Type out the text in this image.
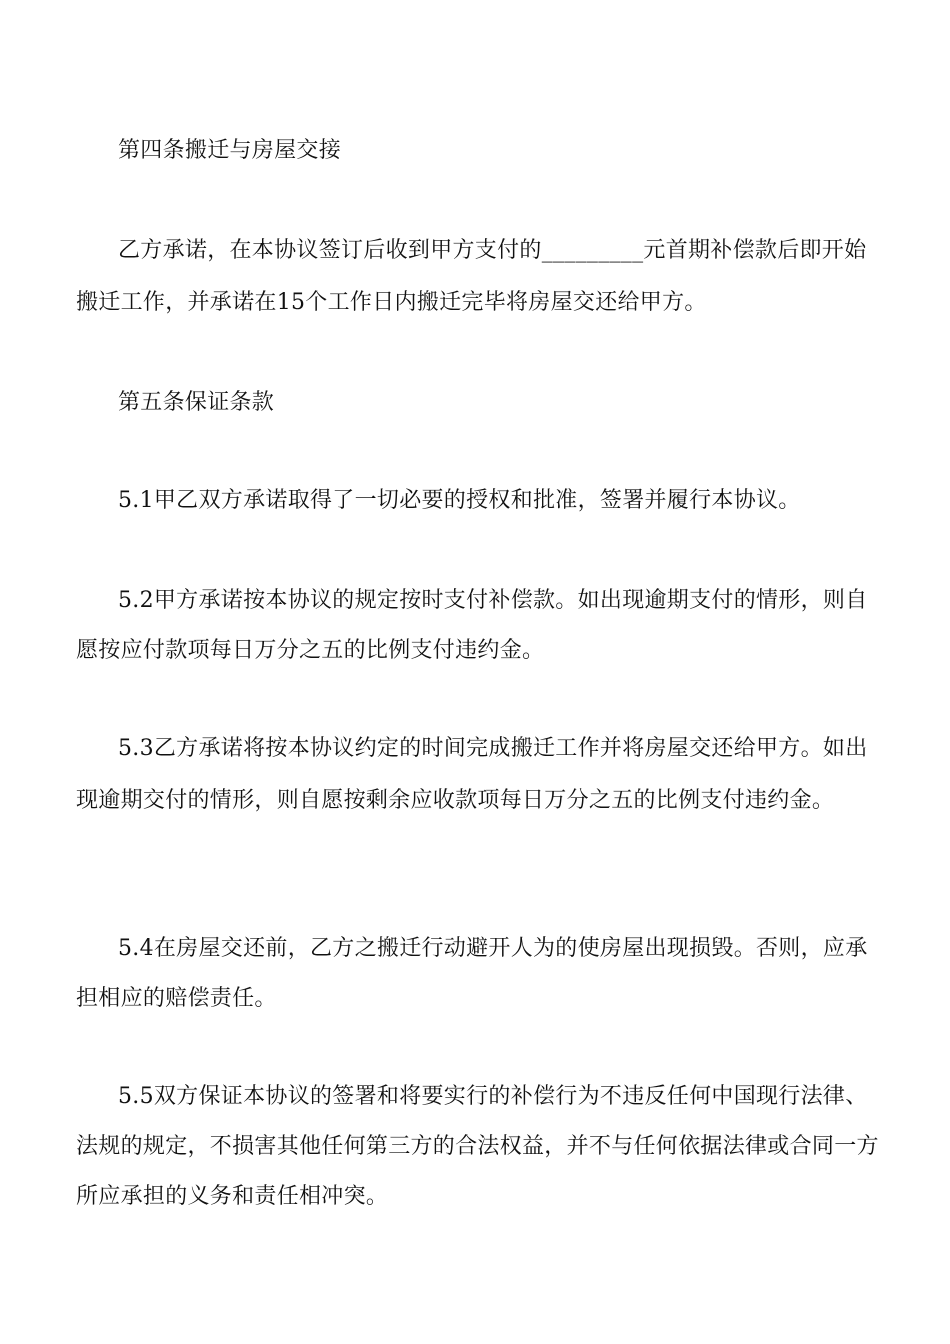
第四条搬迁与房屋交接
乙方承诺，在本协议签订后收到甲方支付的_________元首期补偿款后即开始
搬迁工作，并承诺在15个工作日内搬迁完毕将房屋交还给甲方。
第五条保证条款
5.1甲乙双方承诺取得了一切必要的授权和批准，签署并履行本协议。
5.2甲方承诺按本协议的规定按时支付补偿款。如出现逾期支付的情形，则自
愿按应付款项每日万分之五的比例支付违约金。
5.3乙方承诺将按本协议约定的时间完成搬迁工作并将房屋交还给甲方。如出
现逾期交付的情形，则自愿按剩余应收款项每日万分之五的比例支付违约金。
5.4在房屋交还前，乙方之搬迁行动避开人为的使房屋出现损毁。否则，应承
担相应的赔偿责任。
5.5双方保证本协议的签署和将要实行的补偿行为不违反任何中国现行法律、
法规的规定，不损害其他任何第三方的合法权益，并不与任何依据法律或合同一方
所应承担的义务和责任相冲突。
